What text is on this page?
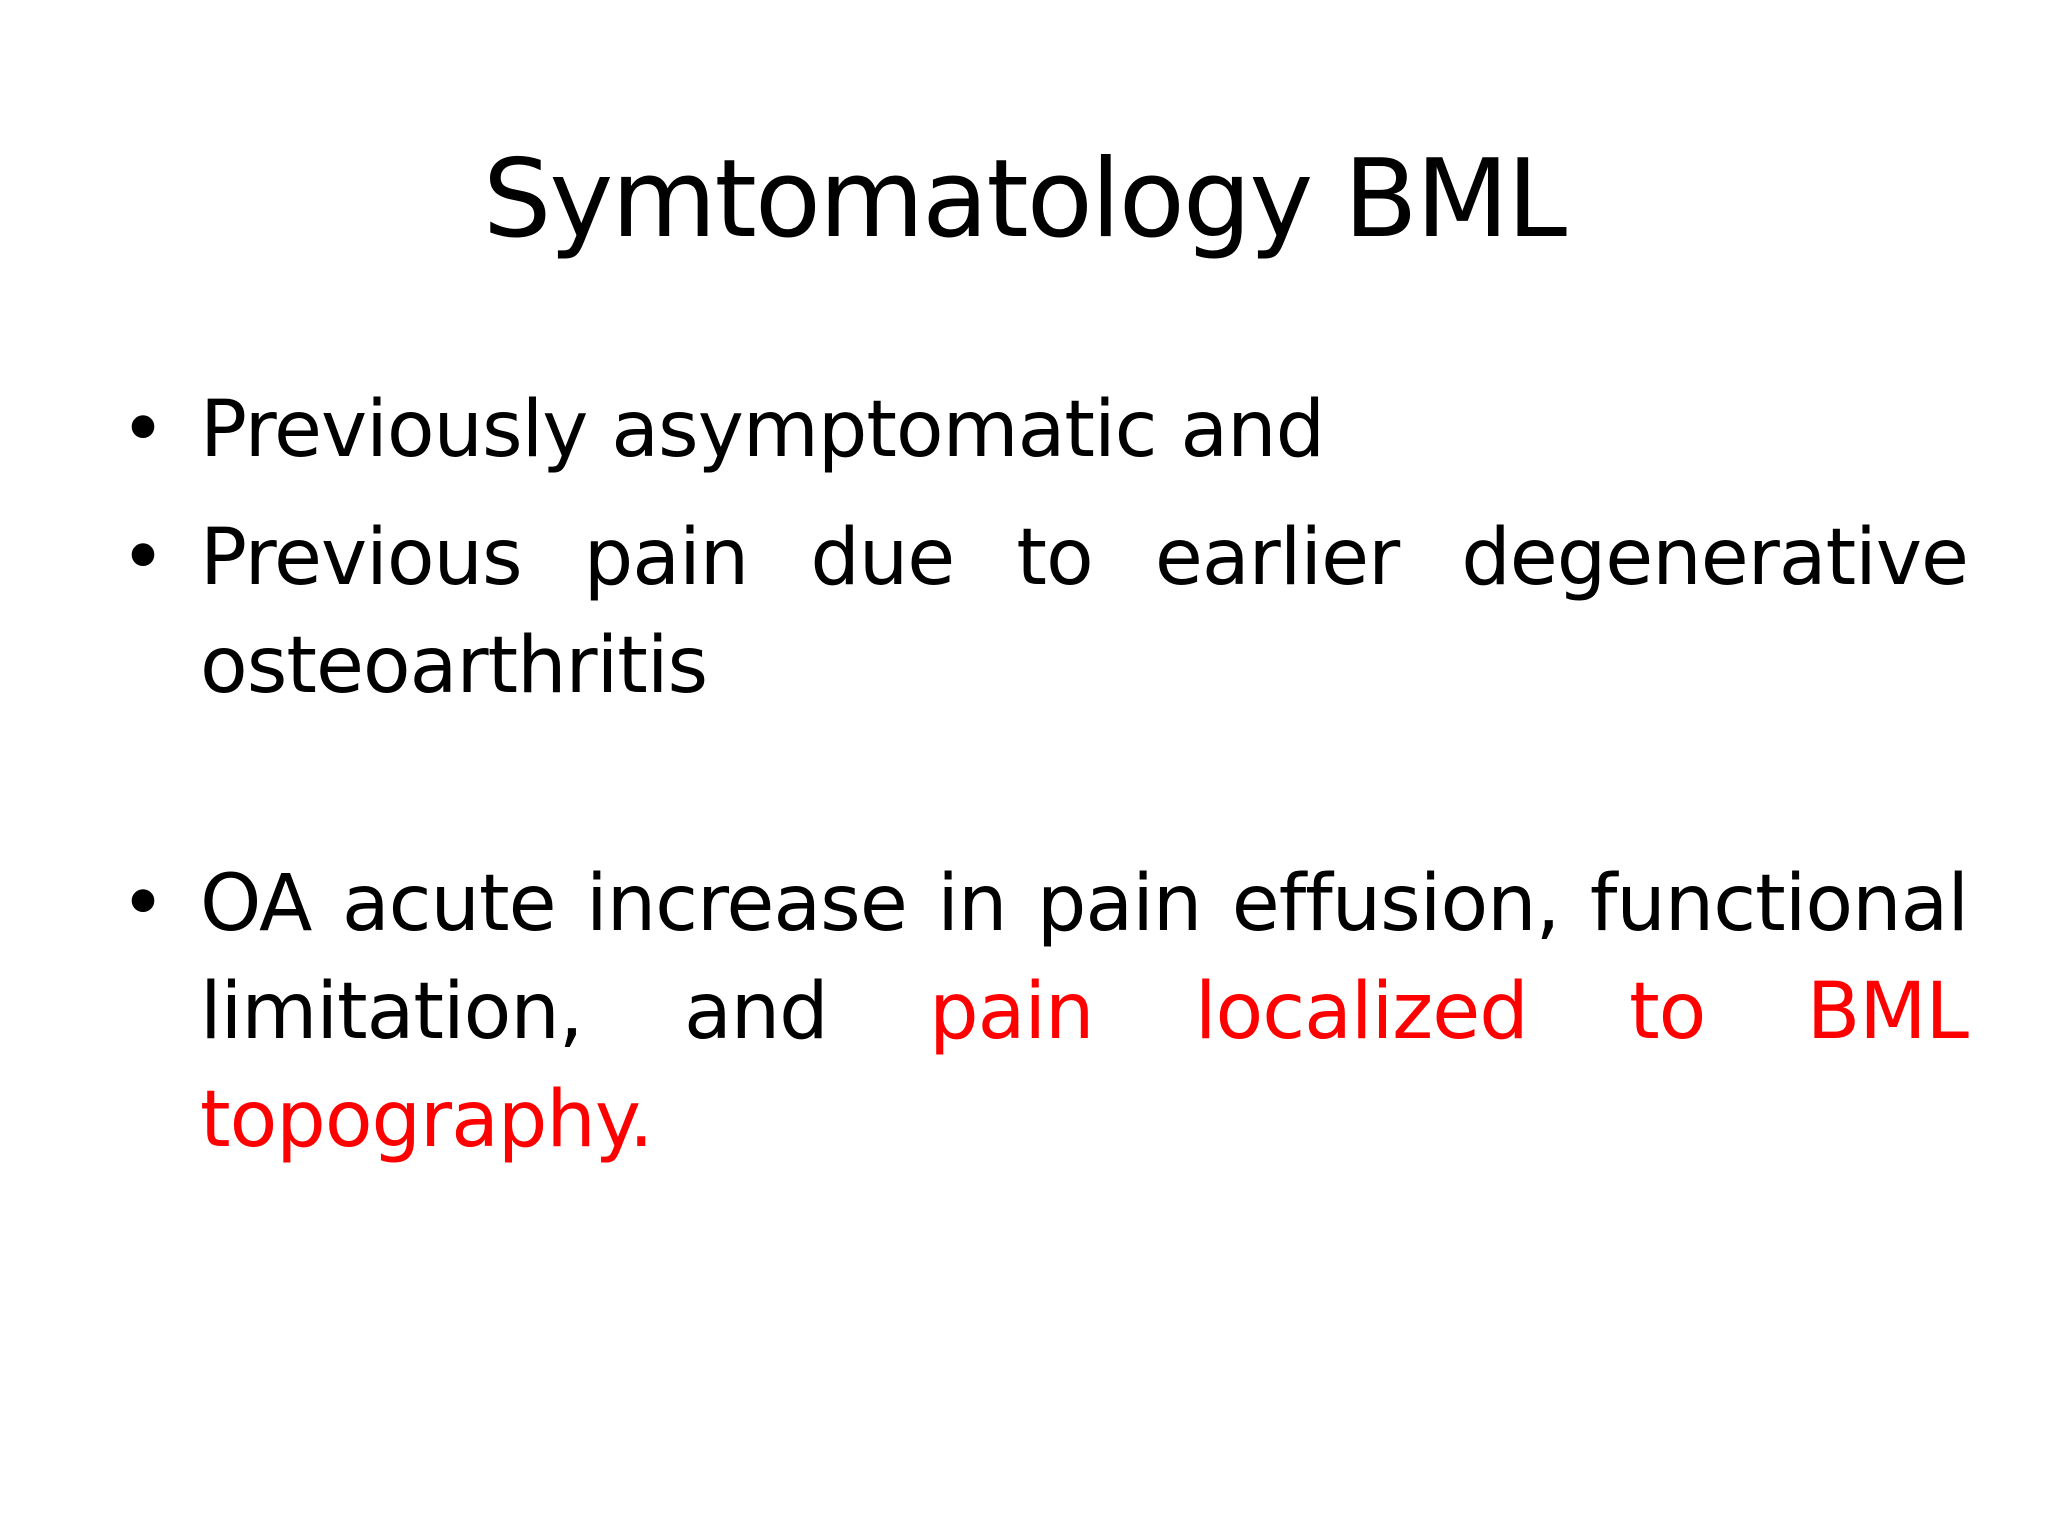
Symtomatology BML
• Previously asymptomatic and
• Previous pain due to earlier degenerative osteoarthritis
• OA acute increase in pain effusion, functional limitation, and pain localized to BML topography.
